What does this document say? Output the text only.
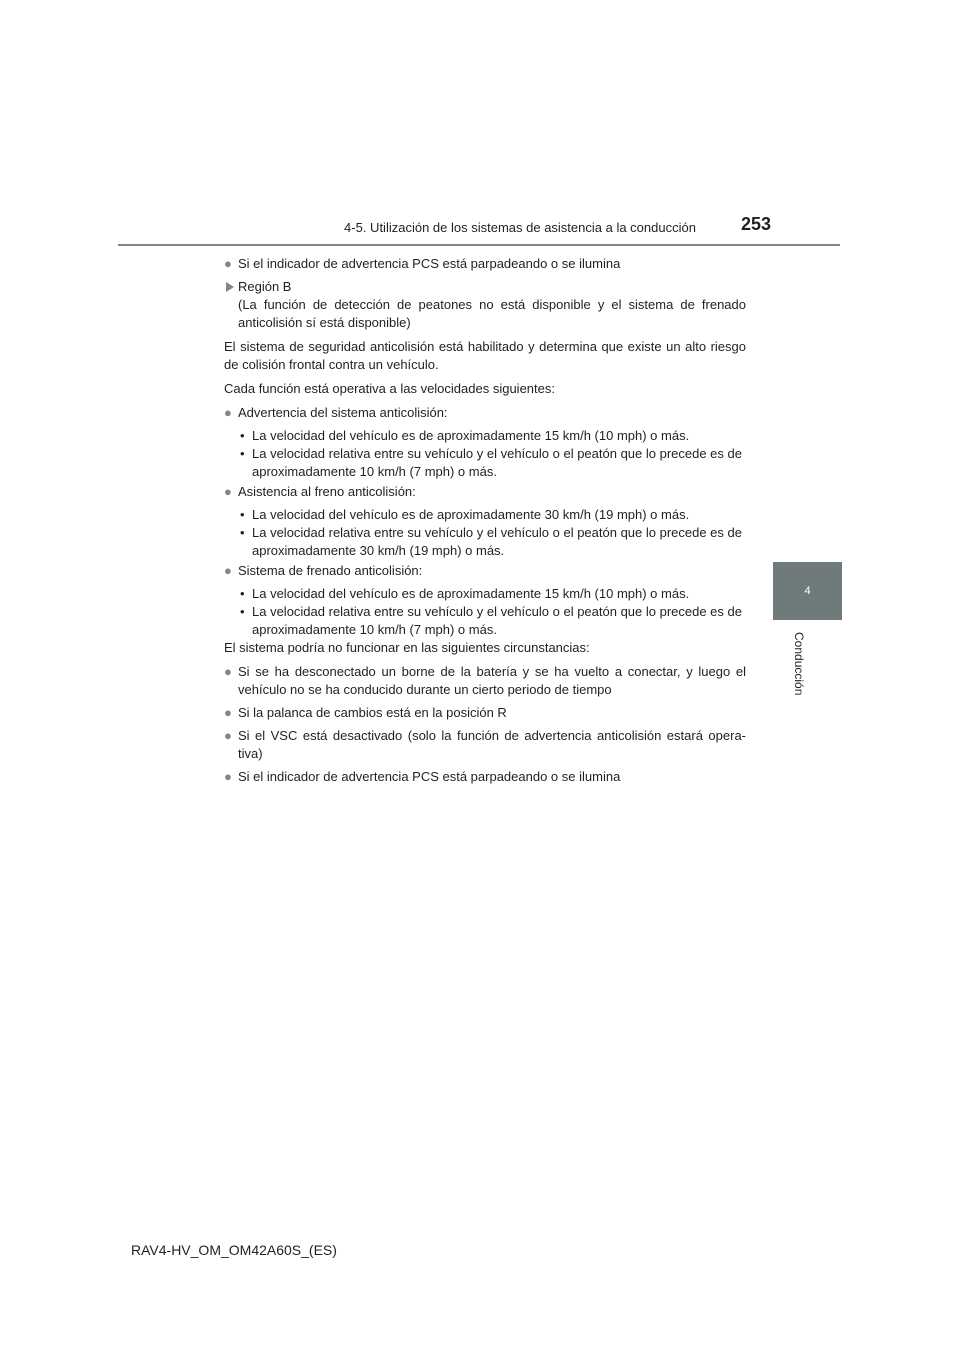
4-5. Utilización de los sistemas de asistencia a la conducción	253
4
Conducción
● Si el indicador de advertencia PCS está parpadeando o se ilumina
Región B
(La función de detección de peatones no está disponible y el sistema de frenado anticolisión sí está disponible)
El sistema de seguridad anticolisión está habilitado y determina que existe un alto riesgo de colisión frontal contra un vehículo.
Cada función está operativa a las velocidades siguientes:
● Advertencia del sistema anticolisión:
• La velocidad del vehículo es de aproximadamente 15 km/h (10 mph) o más.
• La velocidad relativa entre su vehículo y el vehículo o el peatón que lo precede es de aproximadamente 10 km/h (7 mph) o más.
● Asistencia al freno anticolisión:
• La velocidad del vehículo es de aproximadamente 30 km/h (19 mph) o más.
• La velocidad relativa entre su vehículo y el vehículo o el peatón que lo precede es de aproximadamente 30 km/h (19 mph) o más.
● Sistema de frenado anticolisión:
• La velocidad del vehículo es de aproximadamente 15 km/h (10 mph) o más.
• La velocidad relativa entre su vehículo y el vehículo o el peatón que lo precede es de aproximadamente 10 km/h (7 mph) o más.
El sistema podría no funcionar en las siguientes circunstancias:
● Si se ha desconectado un borne de la batería y se ha vuelto a conectar, y luego el vehículo no se ha conducido durante un cierto periodo de tiempo
● Si la palanca de cambios está en la posición R
● Si el VSC está desactivado (solo la función de advertencia anticolisión estará opera- tiva)
● Si el indicador de advertencia PCS está parpadeando o se ilumina
RAV4-HV_OM_OM42A60S_(ES)
